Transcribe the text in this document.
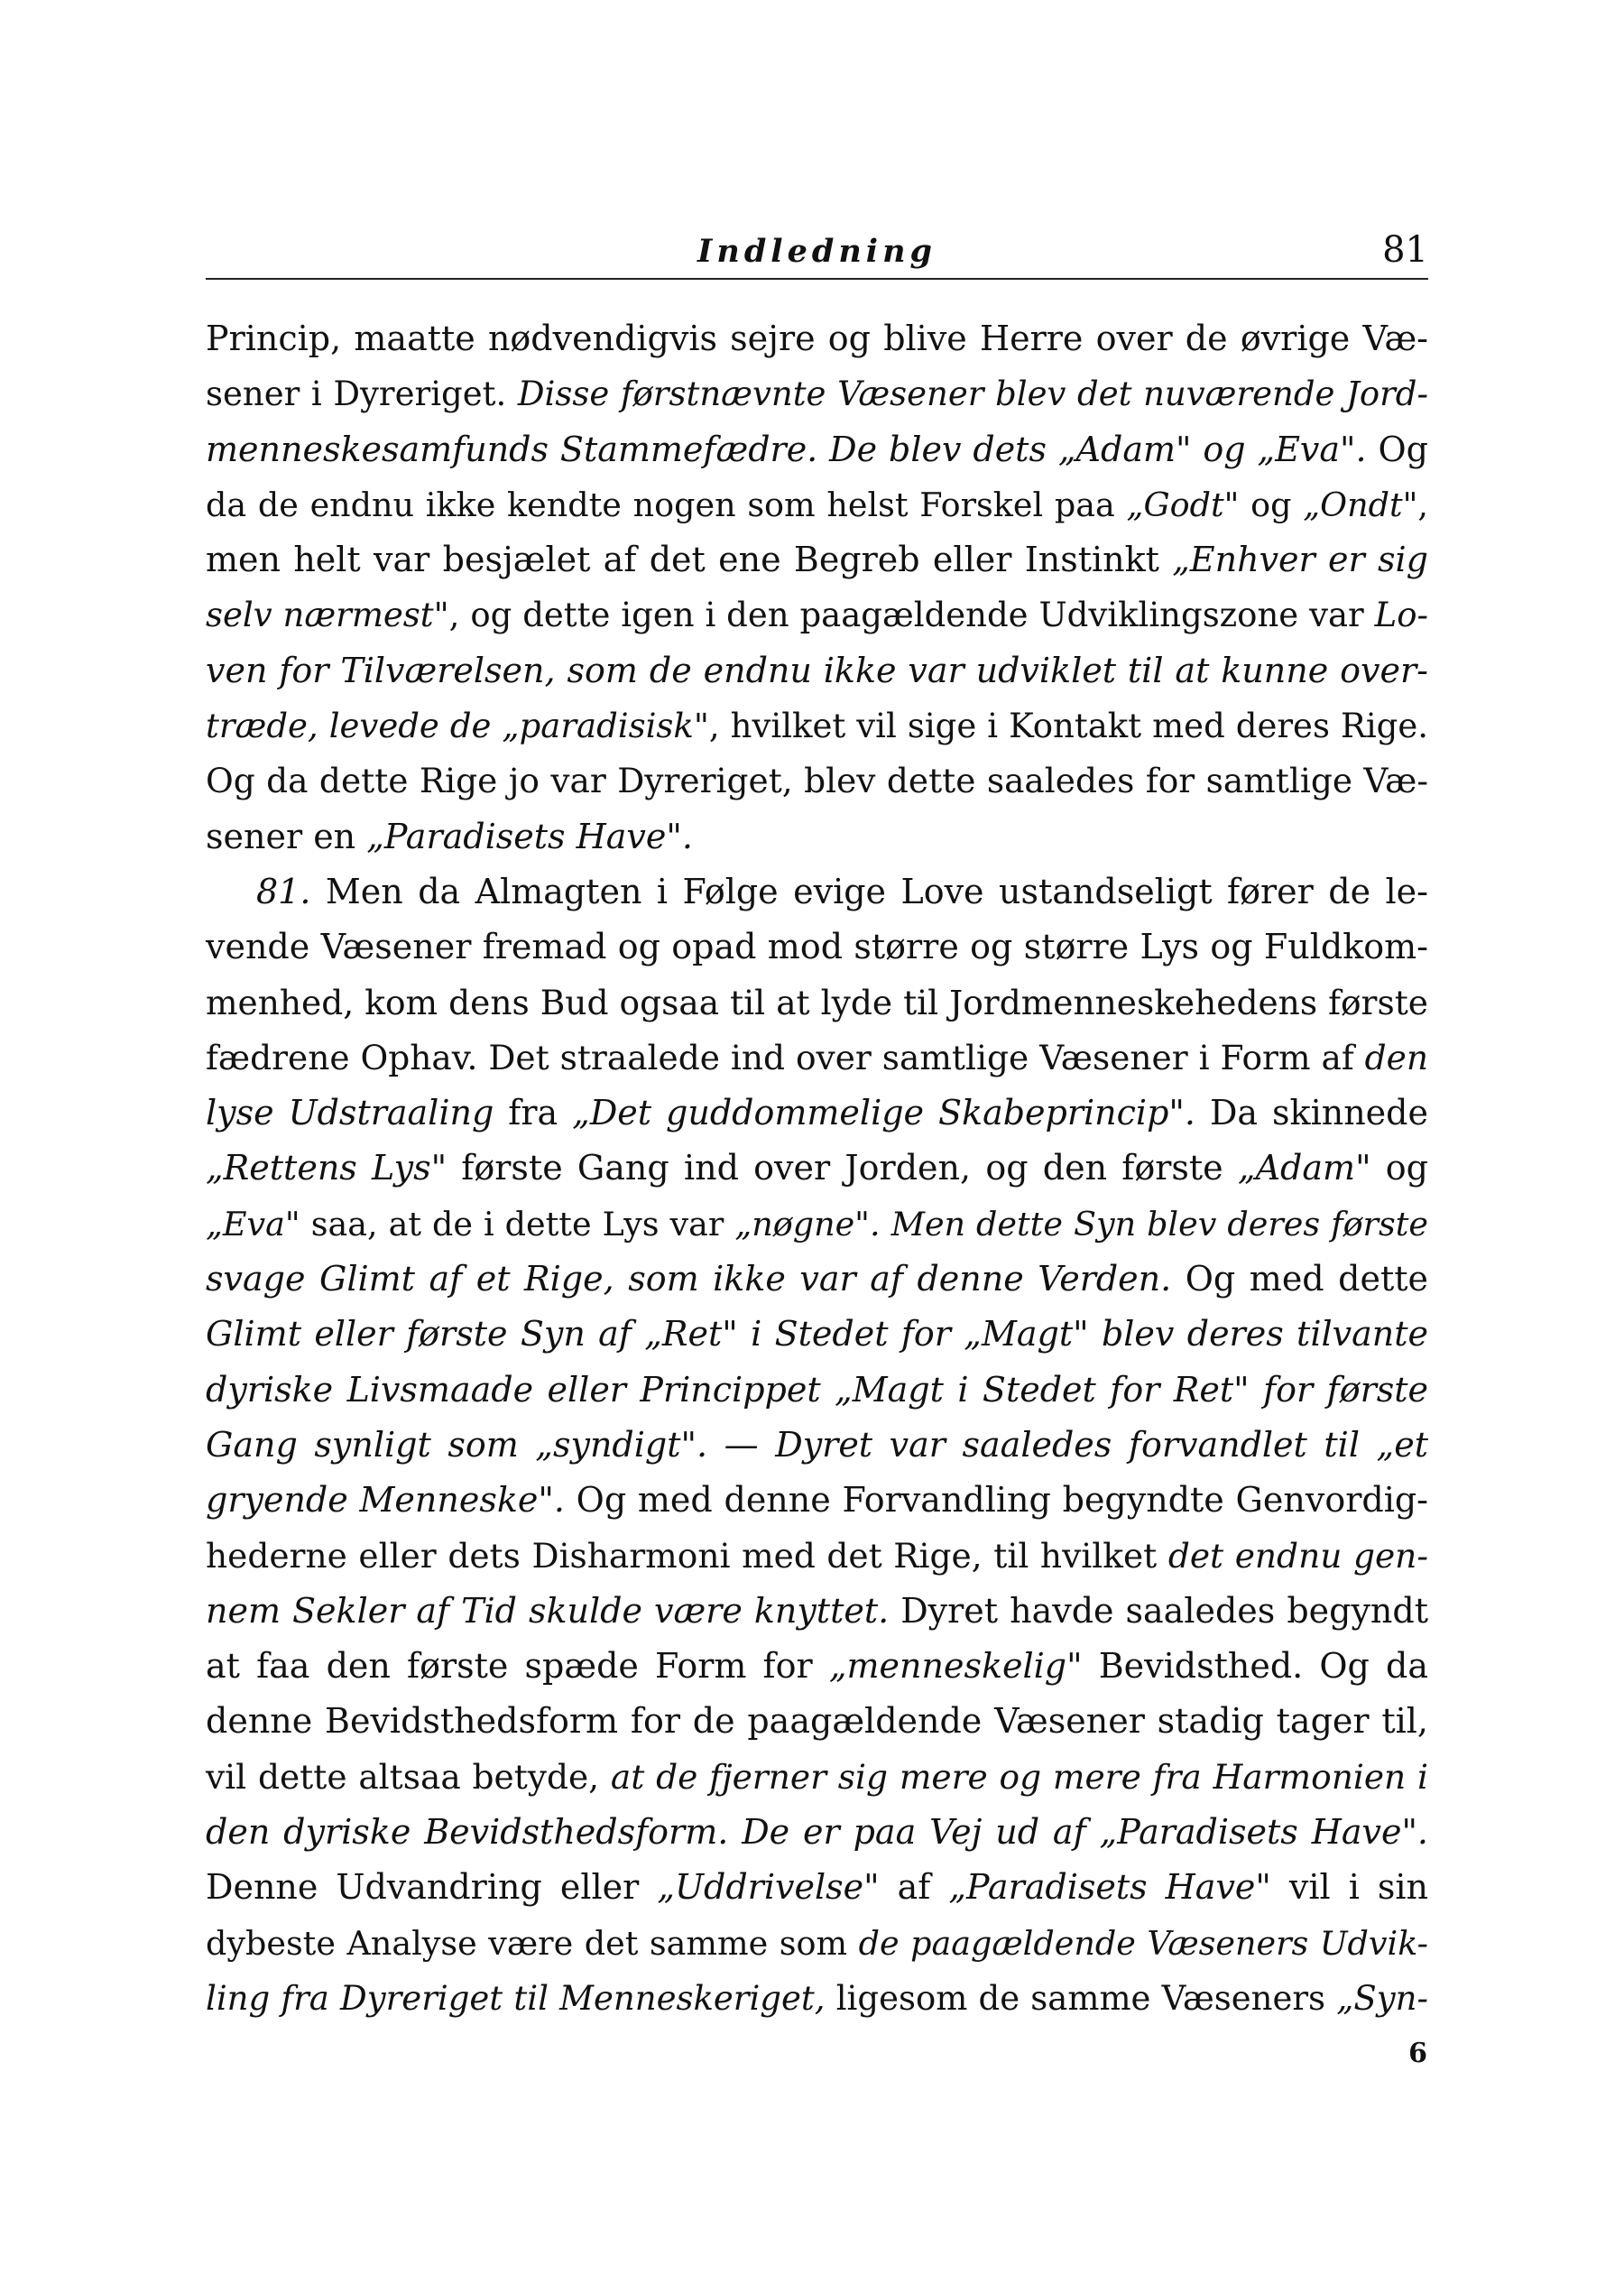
Indledning	81
Princip, maatte nødvendigvis sejre og blive Herre over de øvrige Væ-
sener i Dyreriget. Disse førstnævnte Væsener blev det nuværende Jord-
menneskesamfunds Stammefædre. De blev dets „Adam" og „Eva". Og
da de endnu ikke kendte nogen som helst Forskel paa „Godt" og „Ondt",
men helt var besjælet af det ene Begreb eller Instinkt „Enhver er sig
selv nærmest", og dette igen i den paagældende Udviklingszone var Lo-
ven for Tilværelsen, som de endnu ikke var udviklet til at kunne over-
træde, levede de „paradisisk", hvilket vil sige i Kontakt med deres Rige.
Og da dette Rige jo var Dyreriget, blev dette saaledes for samtlige Væ-
sener en „Paradisets Have".
81. Men da Almagten i Følge evige Love ustandseligt fører de le-
vende Væsener fremad og opad mod større og større Lys og Fuldkom-
menhed, kom dens Bud ogsaa til at lyde til Jordmenneskehedens første
fædrene Ophav. Det straalede ind over samtlige Væsener i Form af den
lyse Udstraaling fra „Det guddommelige Skabeprincip". Da skinnede
„Rettens Lys" første Gang ind over Jorden, og den første „Adam" og
„Eva" saa, at de i dette Lys var „nøgne". Men dette Syn blev deres første
svage Glimt af et Rige, som ikke var af denne Verden. Og med dette
Glimt eller første Syn af „Ret" i Stedet for „Magt" blev deres tilvante
dyriske Livsmaade eller Princippet „Magt i Stedet for Ret" for første
Gang synligt som „syndigt". — Dyret var saaledes forvandlet til „et
gryende Menneske". Og med denne Forvandling begyndte Genvordig-
hederne eller dets Disharmoni med det Rige, til hvilket det endnu gen-
nem Sekler af Tid skulde være knyttet. Dyret havde saaledes begyndt
at faa den første spæde Form for „menneskelig" Bevidsthed. Og da
denne Bevidsthedsform for de paagældende Væsener stadig tager til,
vil dette altsaa betyde, at de fjerner sig mere og mere fra Harmonien i
den dyriske Bevidsthedsform. De er paa Vej ud af „Paradisets Have".
Denne Udvandring eller „Uddrivelse" af „Paradisets Have" vil i sin
dybeste Analyse være det samme som de paagældende Væseners Udvik-
ling fra Dyreriget til Menneskeriget, ligesom de samme Væseners „Syn-
6
